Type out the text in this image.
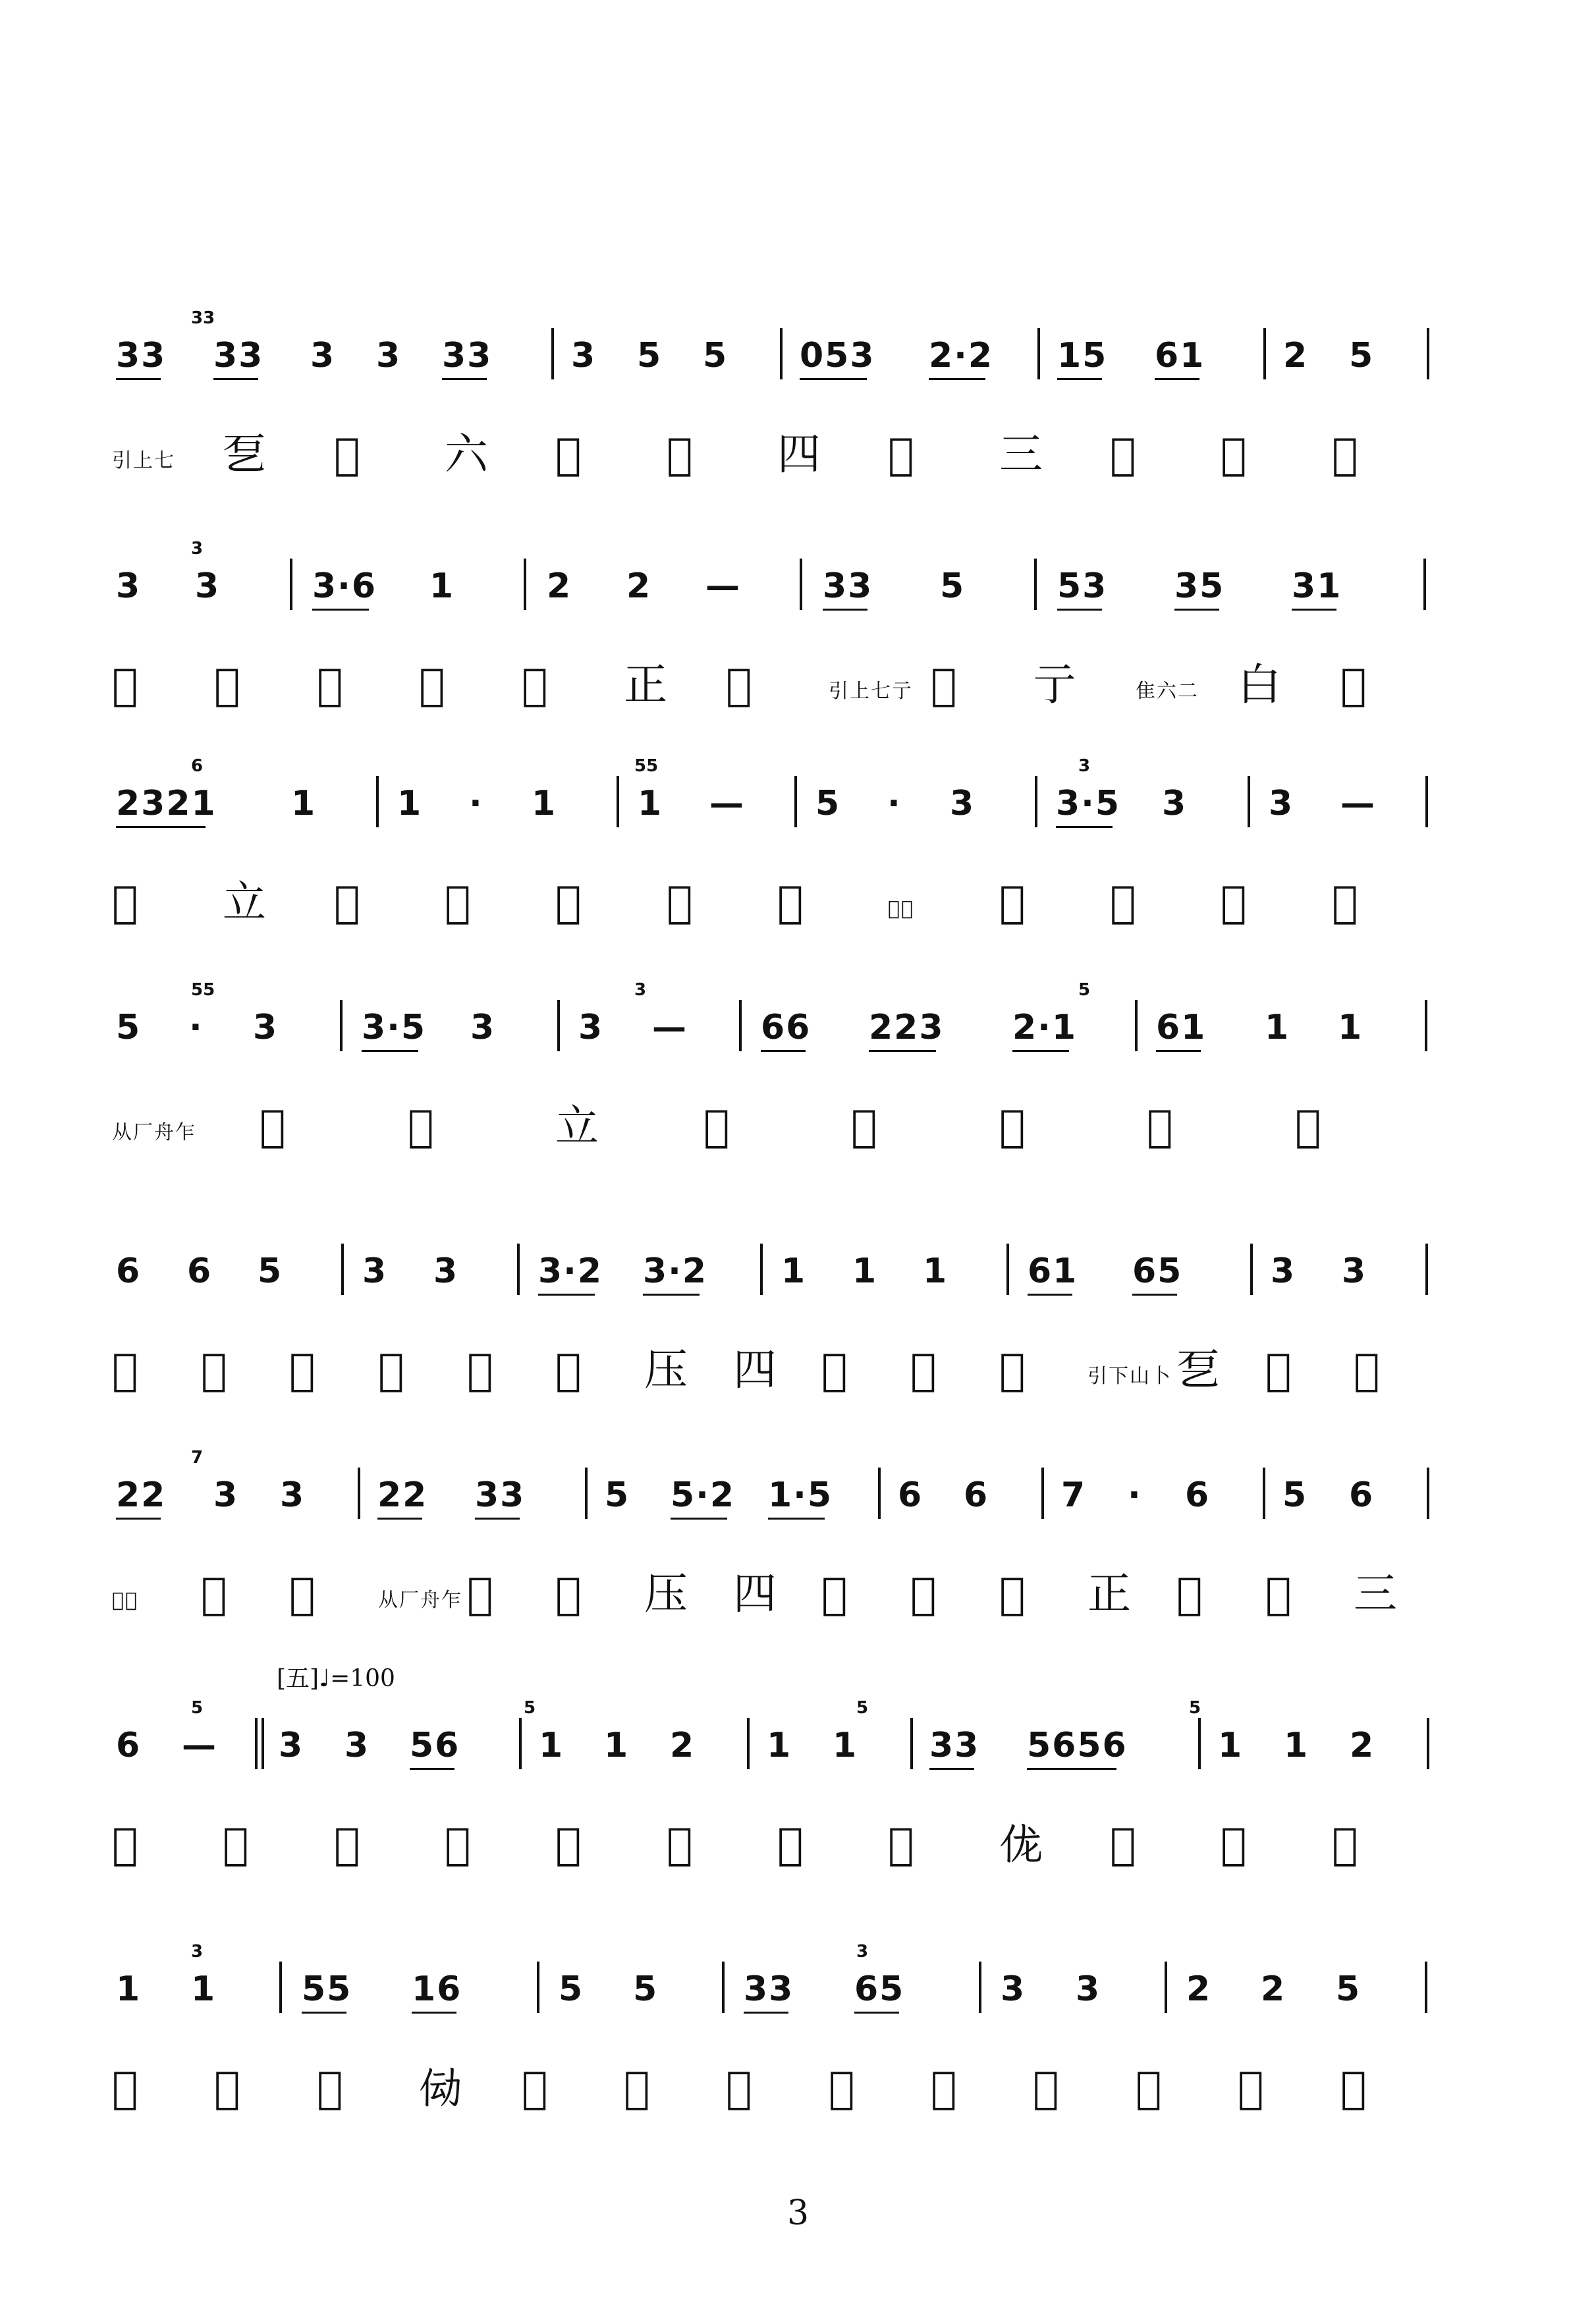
33 33 3 3 33 3 5 5 053 2·2 15 61 2 5
33
引上七 乭 𫡔 六 𫡕 𫡖 四 𫡗 三 𫡘 𫡙 𫡚
3 3	3·6 1	2 2 — 33 5	53 35 31
3
𫡛 𫡜 𫡝 𫡞 𫡟 正 𫡠	引上七亍 𫡡 亍 隹六二 白 𫡢
2321 1 1 · 1 1 — 5 · 3 3·5 3 3 —
6	55	3
𫡣 立 𫡤 𫡥 𫡦 𫡧 𫡨	「𫡩 𫡪 𫡫 𫡬 𫡭
5 · 3 3·5 3 3 — 66 223 2·1 61 1 1
55	3	5
从厂舟乍 𫡮	𫡯	立 𫡰	𫡱	𫡲	𫡳	𫡴
6 6 5 3 3 3·2 3·2 1 1 1 61 65	3 3
𫡵 𫡶 𫡷 𫡸 𫡹 𫡺 压 四 𫡻 𫡼 𫡽	引下山卜 乭 𫡾 𫡿
22 3 3 22 33 5 5·2 1·5 6 6 7 · 6 5 6
7
「𫢀 𫢁 𫢂	从厂舟乍 𫢃 𫢄 压 四 𫢅 𫢆 𫢇 正 𫢈 𫢉 三
6 — 3 3 56 1 1 2 1 1 33 5656	1 1 2
5	5	5	5
𫢊 𫢋 𫢌 𫢍 𫢎 𫢏 𫢐 𫢑 𫢒 𫢓 𫢔 𫢕
1 1 55 16	5 5 33 65	3 3 2 2 5
3	3
𫢖 𫢗 𫢘 𫢙 𫢚 𫢛 𫢜 𫢝 𫢞 𫢟 𫢠 𫢡 𫢢
[五]♩=100
3
